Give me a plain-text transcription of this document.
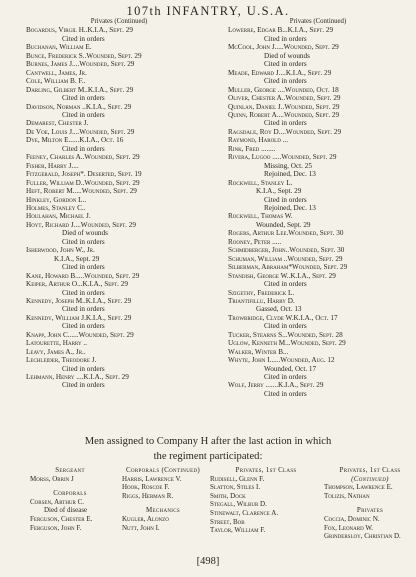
107th INFANTRY, U.S.A.
Privates (Continued)
Bogardus, Virgil H..K.I.A., Sept. 29
Cited in orders
Buchanan, William E.
Bunce, Frederick S..Wounded, Sept. 29
Burnes, James J....Wounded, Sept. 29
Cantwell, James, Jr.
Cole, William B. F..
Darling, Gilbert M..K.I.A., Sept. 29
Cited in orders
Davidson, Norman ..K.I.A., Sept. 29
Cited in orders
Demarest, Chester J.
De Voe, Louis J....Wounded, Sept. 29
Dye, Milton E......K.I.A., Oct. 16
Cited in orders
Feeney, Charles A..Wounded, Sept. 29
Fisher, Harry J....
Fitzgerald, Joseph*. Deserted, Sept. 19
Fuller, William D..Wounded, Sept. 29
Heft, Robert M.....Wounded, Sept. 29
Hinkley, Gordon L..
Holmes, Stanley C..
Houlahan, Michael J.
Hoyt, Richard J....Wounded, Sept. 29
Died of wounds
Cited in orders
Isherwood, John W., Jr.
K.I.A., Sept. 29
Cited in orders
Kane, Howard B.....Wounded, Sept. 29
Keiper, Arthur O...K.I.A., Sept. 29
Cited in orders
Kennedy, Joseph M..K.I.A., Sept. 29
Cited in orders
Kennedy, William J.K.I.A., Sept. 29
Cited in orders
Knapp, John C......Wounded, Sept. 29
Latourette, Harry ..
Leavy, James A., Jr..
Lechleider, Theodore J.
Cited in orders
Lehmann, Henry ....K.I.A., Sept. 29
Cited in orders
Privates (Continued)
Lowerre, Edgar B...K.I.A., Sept. 29
Cited in orders
McCool, John J.....Wounded, Sept. 29
Died of wounds
Cited in orders
Meade, Edward J....K.I.A., Sept. 29
Cited in orders
Muller, George ....Wounded, Oct. 18
Oliver, Chester A..Wounded, Sept. 29
Quinlan, Daniel J..Wounded, Sept. 29
Quinn, Robert A....Wounded, Sept. 29
Cited in orders
Ragsdale, Roy D....Wounded, Sept. 29
Raymond, Harold ...
Rink, Fred ........
Rivera, Lugoo .....Wounded, Sept. 29
Missing, Oct. 25
Rejoined, Dec. 13
Rockwell, Stanley L.
K.I.A., Sept. 29
Cited in orders
Rejoined, Dec. 13
Rockwell, Thomas W.
Wounded, Sept. 29
Rogers, Arthur Lee.Wounded, Sept. 30
Rooney, Peter .....
Schmidberger, John..Wounded, Sept. 30
Schuman, William ..Wounded, Sept. 29
Silberman, Abraham*Wounded, Sept. 29
Standish, George W..K.I.A., Sept. 29
Cited in orders
Szigethy, Frederick L.
Triantifillu, Harry D.
Gassed, Oct. 13
Trowbridge, Clyde W.K.I.A., Oct. 17
Cited in orders
Tucker, Stearns S...Wounded, Sept. 28
Uglow, Kenneth M...Wounded, Sept. 29
Walker, Winter B...
Whyte, John I......Wounded, Aug. 12
Wounded, Oct. 17
Cited in orders
Wolf, Jerry .......K.I.A., Sept. 29
Cited in orders
Men assigned to Company H after the last action in which
the regiment participated:
Sergeant
Morss, Orrin J
Corporals
Corsen, Arthur C.
Died of disease
Ferguson, Chester E.
Ferguson, John F.
Corporals (Continued)
Harris, Lawrence V.
Hook, Roscoe F.
Riggs, Herman R.
Mechanics
Kugler, Alonzo
Nutt, John I.
Privates, 1st Class
Rudisell, Glenn F.
Slatton, Stiles I.
Smith, Dock
Stegall, Wilbur D.
Stinewalt, Clarence A.
Street, Bob
Taylor, William F.
Privates, 1st Class
(Continued)
Thompson, Lawrence E.
Tolizis, Nathan
Privates
Coccia, Dominic N.
Fox, Leonard W.
Grindersloy, Christian D.
[498]
